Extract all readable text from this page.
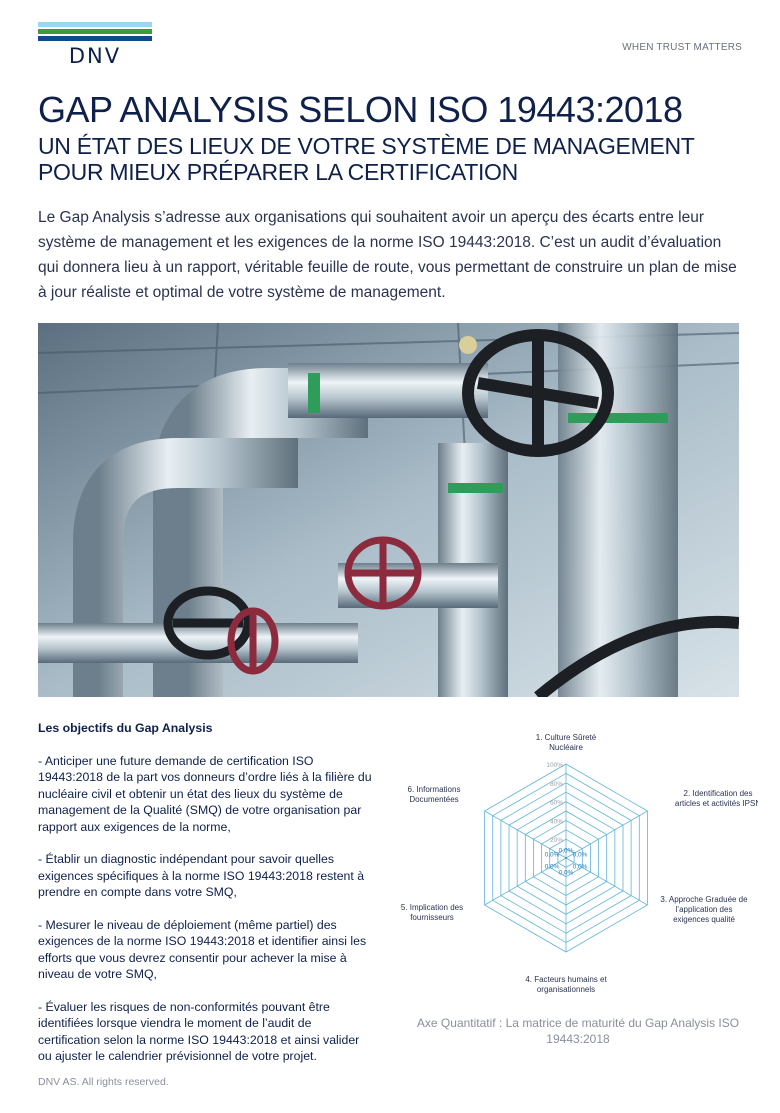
DNV	WHEN TRUST MATTERS
GAP ANALYSIS SELON ISO 19443:2018
UN ÉTAT DES LIEUX DE VOTRE SYSTÈME DE MANAGEMENT POUR MIEUX PRÉPARER LA CERTIFICATION

Le Gap Analysis s’adresse aux organisations qui souhaitent avoir un aperçu des écarts entre leur système de management et les exigences de la norme ISO 19443:2018. C’est un audit d’évaluation qui donnera lieu à un rapport, véritable feuille de route, vous permettant de construire un plan de mise à jour réaliste et optimal de votre système de management.

Les objectifs du Gap Analysis
- Anticiper une future demande de certification ISO 19443:2018 de la part vos donneurs d’ordre liés à la filière du nucléaire civil et obtenir un état des lieux du système de management de la Qualité (SMQ) de votre organisation par rapport aux exigences de la norme,
- Établir un diagnostic indépendant pour savoir quelles exigences spécifiques à la norme ISO 19443:2018 restent à prendre en compte dans votre SMQ,
- Mesurer le niveau de déploiement (même partiel) des exigences de la norme ISO 19443:2018 et identifier ainsi les efforts que vous devrez consentir pour achever la mise à niveau de votre SMQ,
- Évaluer les risques de non-conformités pouvant être identifiées lorsque viendra le moment de l’audit de certification selon la norme ISO 19443:2018 et ainsi valider ou ajuster le calendrier prévisionnel de votre projet.
20%
40%
60%
80%
100%
0,0%
0,0%
0,0%
0,0%
0,0%
0,0%
1. Culture Sûreté Nucléaire
2. Identification des articles et activités IPSN
3. Approche Graduée de l’application des exigences qualité
4. Facteurs humains et organisationnels
5. Implication des fournisseurs
6. Informations Documentées
Axe Quantitatif : La matrice de maturité du Gap Analysis ISO 19443:2018
DNV AS. All rights reserved.
